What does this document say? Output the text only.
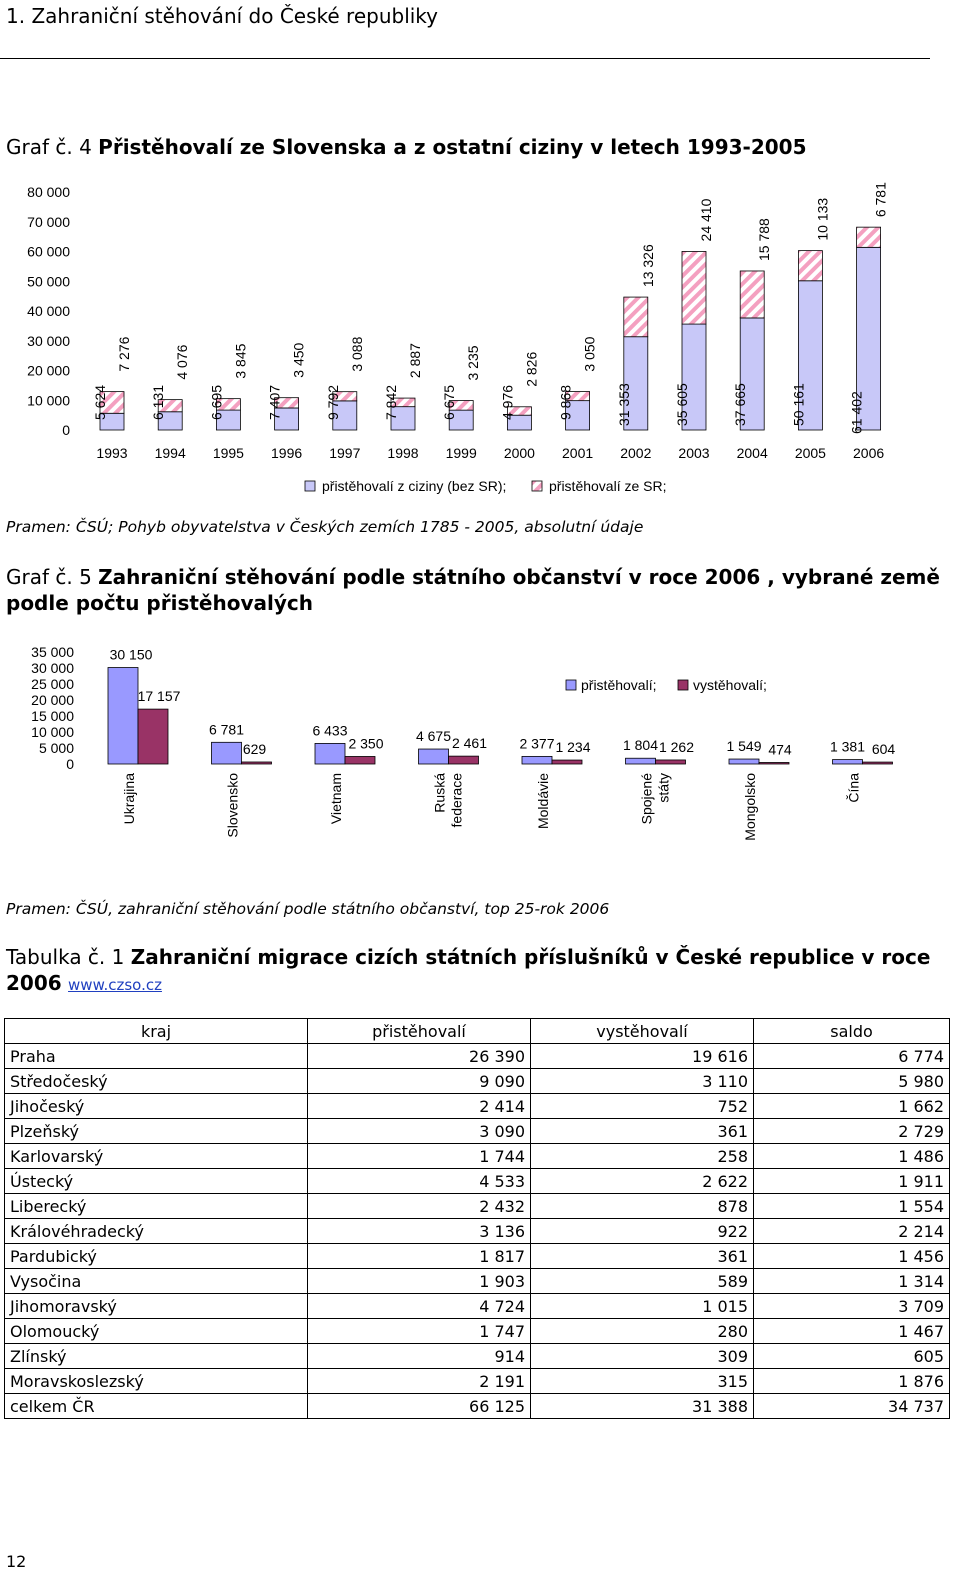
1. Zahraniční stěhování do České republiky
Graf č. 4 Přistěhovalí ze Slovenska a z ostatní ciziny v letech 1993-2005
0
10 000
20 000
30 000
40 000
50 000
60 000
70 000
80 000
1993 1994 1995 1996 1997 1998 1999 2000 2001 2002 2003 2004 2005 2006
5 624
7 276
6 131
4 076
6 695
3 845
7 407
3 450
9 792
3 088
7 842
2 887
6 675
3 235
4 976
2 826
9 868
3 050
31 353
13 326
35 605
24 410
37 665
15 788
50 161
10 133
61 402
6 781
přistěhovalí z ciziny (bez SR);	přistěhovalí ze SR;
Pramen: ČSÚ; Pohyb obyvatelstva v Českých zemích 1785 - 2005, absolutní údaje
Graf č. 5 Zahraniční stěhování podle státního občanství v roce 2006 , vybrané země podle počtu přistěhovalých
0
5 000
10 000
15 000
20 000
25 000
30 000
35 000	30 150
17 157
Ukrajina
6 781
629
Slovensko
6 433
2 350
Vietnam
4 675 2 461
Ruská federace
2 377 1 234
Moldávie
1 804 1 262
Spojené státy
1 549 474
Mongolsko
1 381 604
Čína
přistěhovalí;	vystěhovalí;
Pramen: ČSÚ, zahraniční stěhování podle státního občanství, top 25-rok 2006
Tabulka č. 1 Zahraniční migrace cizích státních příslušníků v České republice v roce 2006 www.czso.cz
kraj	přistěhovalí	vystěhovalí	saldo
Praha	26 390	19 616	6 774
Středočeský	9 090	3 110	5 980
Jihočeský	2 414	752	1 662
Plzeňský	3 090	361	2 729
Karlovarský	1 744	258	1 486
Ústecký	4 533	2 622	1 911
Liberecký	2 432	878	1 554
Královéhradecký	3 136	922	2 214
Pardubický	1 817	361	1 456
Vysočina	1 903	589	1 314
Jihomoravský	4 724	1 015	3 709
Olomoucký	1 747	280	1 467
Zlínský	914	309	605
Moravskoslezský	2 191	315	1 876
celkem ČR	66 125	31 388	34 737
12
